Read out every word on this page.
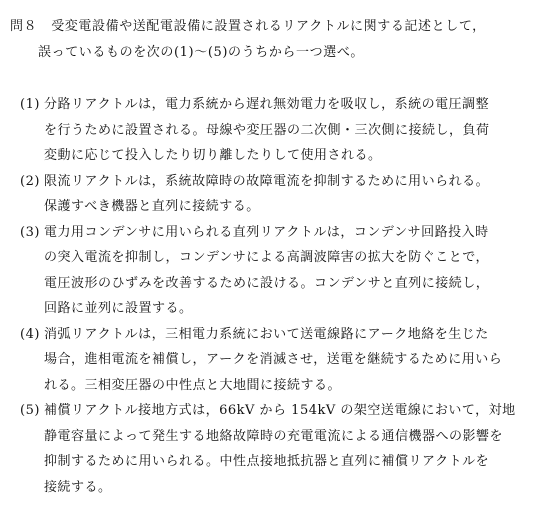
問８ 受変電設備や送配電設備に設置されるリアクトルに関する記述として，
誤っているものを次の(1)～(5)のうちから一つ選べ。
(1) 分路リアクトルは，電力系統から遅れ無効電力を吸収し，系統の電圧調整
を行うために設置される。母線や変圧器の二次側・三次側に接続し，負荷
変動に応じて投入したり切り離したりして使用される。
(2) 限流リアクトルは，系統故障時の故障電流を抑制するために用いられる。
保護すべき機器と直列に接続する。
(3) 電力用コンデンサに用いられる直列リアクトルは，コンデンサ回路投入時
の突入電流を抑制し，コンデンサによる高調波障害の拡大を防ぐことで，
電圧波形のひずみを改善するために設ける。コンデンサと直列に接続し，
回路に並列に設置する。
(4) 消弧リアクトルは，三相電力系統において送電線路にアーク地絡を生じた
場合，進相電流を補償し，アークを消滅させ，送電を継続するために用いら
れる。三相変圧器の中性点と大地間に接続する。
(5) 補償リアクトル接地方式は，66kV から 154kV の架空送電線において，対地
静電容量によって発生する地絡故障時の充電電流による通信機器への影響を
抑制するために用いられる。中性点接地抵抗器と直列に補償リアクトルを
接続する。
